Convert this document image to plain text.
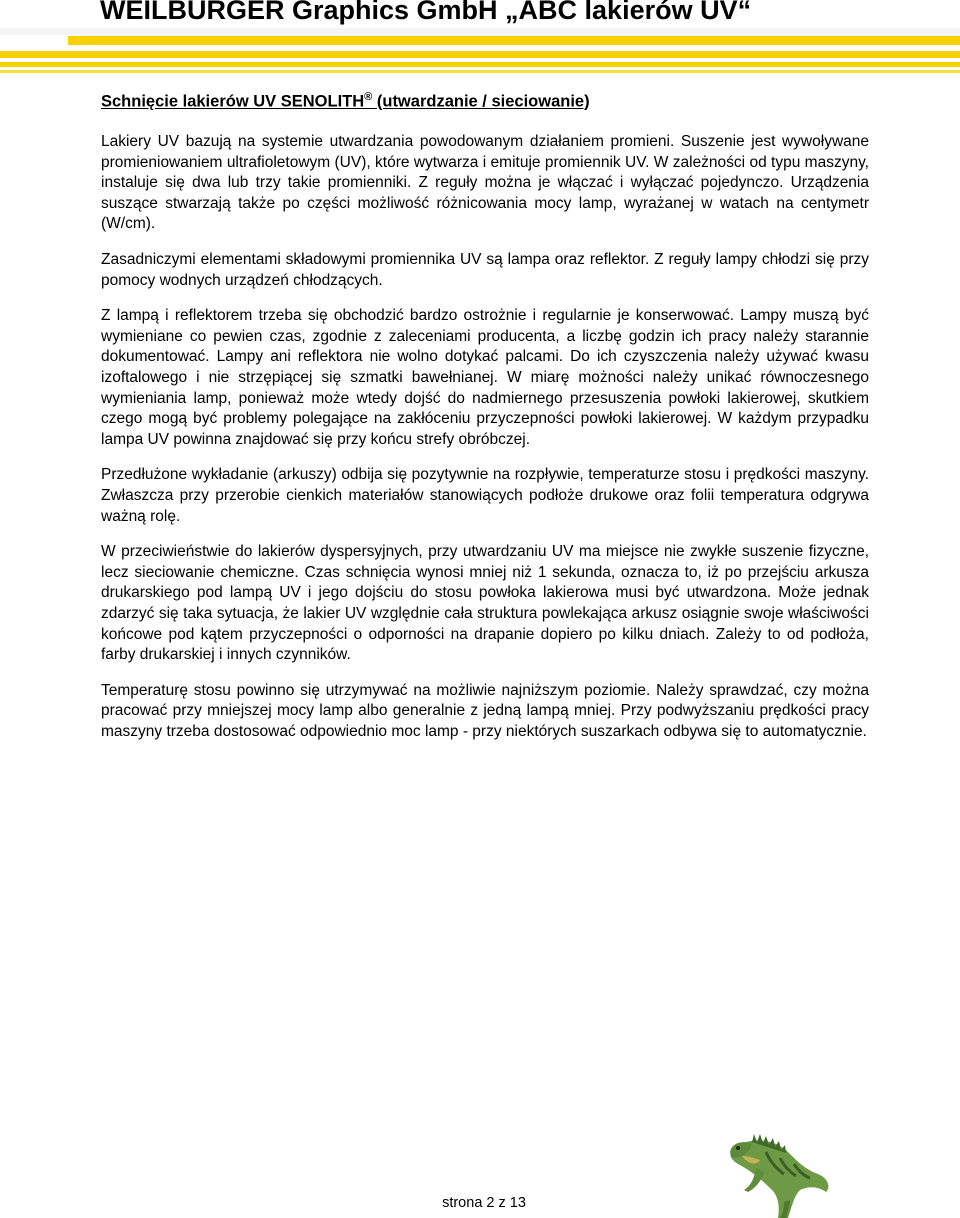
WEILBURGER Graphics GmbH „ABC lakierów UV“

Schnięcie lakierów UV SENOLITH® (utwardzanie / sieciowanie)

Lakiery UV bazują na systemie utwardzania powodowanym działaniem promieni. Suszenie jest wywoływane promieniowaniem ultrafioletowym (UV), które wytwarza i emituje promiennik UV. W zależności od typu maszyny, instaluje się dwa lub trzy takie promienniki. Z reguły można je włączać i wyłączać pojedynczo. Urządzenia suszące stwarzają także po części możliwość różnicowania mocy lamp, wyrażanej w watach na centymetr (W/cm).

Zasadniczymi elementami składowymi promiennika UV są lampa oraz reflektor. Z reguły lampy chłodzi się przy pomocy wodnych urządzeń chłodzących.

Z lampą i reflektorem trzeba się obchodzić bardzo ostrożnie i regularnie je konserwować. Lampy muszą być wymieniane co pewien czas, zgodnie z zaleceniami producenta, a liczbę godzin ich pracy należy starannie dokumentować. Lampy ani reflektora nie wolno dotykać palcami. Do ich czyszczenia należy używać kwasu izoftalowego i nie strzępiącej się szmatki bawełnianej. W miarę możności należy unikać równoczesnego wymieniania lamp, ponieważ może wtedy dojść do nadmiernego przesuszenia powłoki lakierowej, skutkiem czego mogą być problemy polegające na zakłóceniu przyczepności powłoki lakierowej. W każdym przypadku lampa UV powinna znajdować się przy końcu strefy obróbczej.

Przedłużone wykładanie (arkuszy) odbija się pozytywnie na rozpływie, temperaturze stosu i prędkości maszyny. Zwłaszcza przy przerobie cienkich materiałów stanowiących podłoże drukowe oraz folii temperatura odgrywa ważną rolę.

W przeciwieństwie do lakierów dyspersyjnych, przy utwardzaniu UV ma miejsce nie zwykłe suszenie fizyczne, lecz sieciowanie chemiczne. Czas schnięcia wynosi mniej niż 1 sekunda, oznacza to, iż po przejściu arkusza drukarskiego pod lampą UV i jego dojściu do stosu powłoka lakierowa musi być utwardzona. Może jednak zdarzyć się taka sytuacja, że lakier UV względnie cała struktura powlekająca arkusz osiągnie swoje właściwości końcowe pod kątem przyczepności o odporności na drapanie dopiero po kilku dniach. Zależy to od podłoża, farby drukarskiej i innych czynników.

Temperaturę stosu powinno się utrzymywać na możliwie najniższym poziomie. Należy sprawdzać, czy można pracować przy mniejszej mocy lamp albo generalnie z jedną lampą mniej. Przy podwyższaniu prędkości pracy maszyny trzeba dostosować odpowiednio moc lamp - przy niektórych suszarkach odbywa się to automatycznie.

strona 2 z 13
